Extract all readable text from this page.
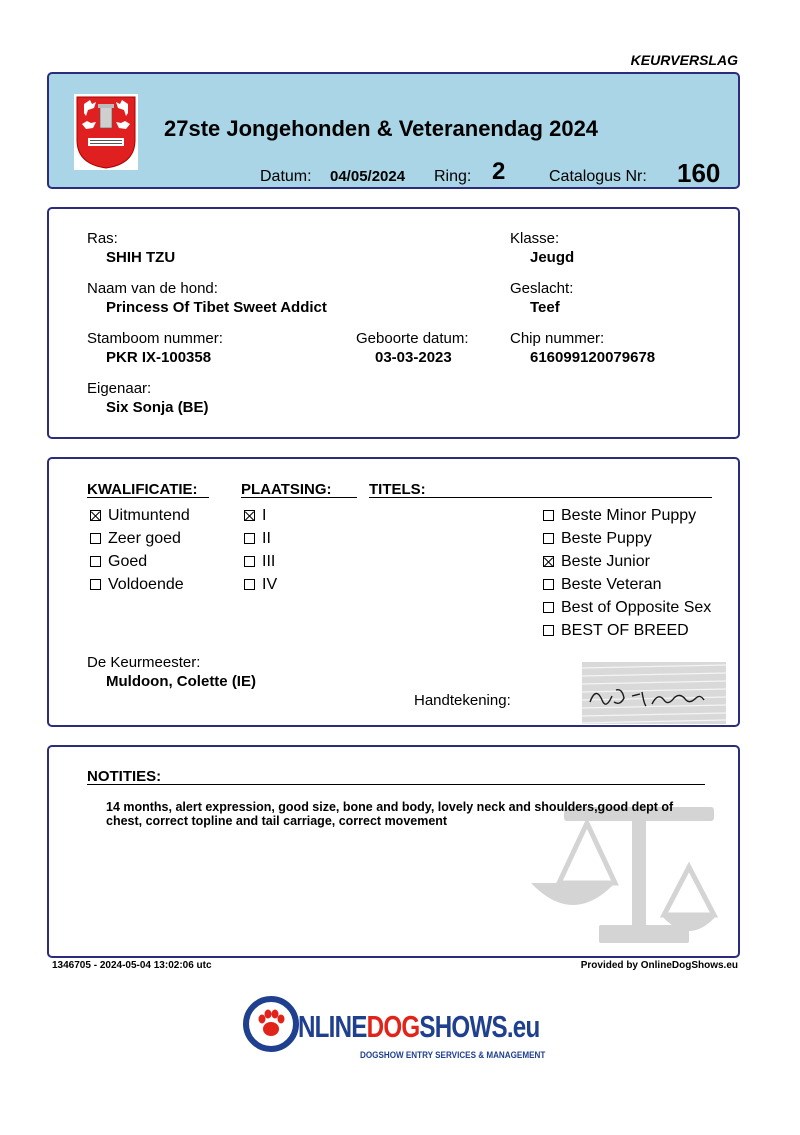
KEURVERSLAG
27ste Jongehonden & Veteranendag 2024
Datum: 04/05/2024 Ring: 2	Catalogus Nr: 160
Ras:
SHIH TZU
Klasse:
Jeugd
Naam van de hond:
Princess Of Tibet Sweet Addict
Geslacht:
Teef
Stamboom nummer:
PKR IX-100358
Geboorte datum:
03-03-2023
Chip nummer:
616099120079678
Eigenaar:
Six Sonja (BE)
KWALIFICATIE:	PLAATSING: TITELS:
Uitmuntend
Zeer goed
Goed
Voldoende
I
II
III
IV
Beste Minor Puppy
Beste Puppy
Beste Junior
Beste Veteran
Best of Opposite Sex
BEST OF BREED
De Keurmeester:
Muldoon, Colette (IE)
Handtekening:
NOTITIES:
14 months, alert expression, good size, bone and body, lovely neck and shoulders,good dept of chest, correct topline and tail carriage, correct movement
1346705 - 2024-05-04 13:02:06 utc	Provided by OnlineDogShows.eu
NLINEDOGSHOWS.eu
DOGSHOW ENTRY SERVICES & MANAGEMENT
